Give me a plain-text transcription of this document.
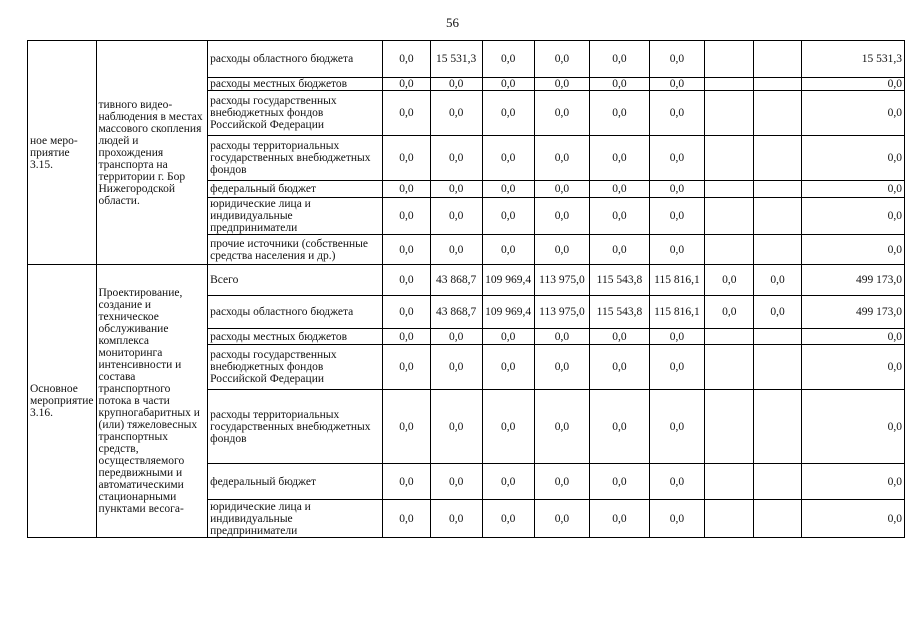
56
ное меро-приятие 3.15.	тивного видео-наблюдения в местах массового скопления людей и прохождения транспорта на территории г. Бор Нижегородской области.	расходы областного бюджета	0,0	15 531,3	0,0	0,0	0,0	0,0			15 531,3
		расходы местных бюджетов	0,0	0,0	0,0	0,0	0,0	0,0			0,0
		расходы государственных внебюджетных фондов Российской Федерации	0,0	0,0	0,0	0,0	0,0	0,0			0,0
		расходы территориальных государственных внебюджетных фондов	0,0	0,0	0,0	0,0	0,0	0,0			0,0
		федеральный бюджет	0,0	0,0	0,0	0,0	0,0	0,0			0,0
		юридические лица и индивидуальные предприниматели	0,0	0,0	0,0	0,0	0,0	0,0			0,0
		прочие источники (собственные средства населения и др.)	0,0	0,0	0,0	0,0	0,0	0,0			0,0
Основное мероприятие 3.16.	Проектирование, создание и техническое обслуживание комплекса мониторинга интенсивности и состава транспортного потока в части крупногабаритных и (или) тяжеловесных транспортных средств, осуществляемого передвижными и автоматическими стационарными пунктами весога-	Всего	0,0	43 868,7	109 969,4	113 975,0	115 543,8	115 816,1	0,0	0,0	499 173,0
		расходы областного бюджета	0,0	43 868,7	109 969,4	113 975,0	115 543,8	115 816,1	0,0	0,0	499 173,0
		расходы местных бюджетов	0,0	0,0	0,0	0,0	0,0	0,0			0,0
		расходы государственных внебюджетных фондов Российской Федерации	0,0	0,0	0,0	0,0	0,0	0,0			0,0
		расходы территориальных государственных внебюджетных фондов	0,0	0,0	0,0	0,0	0,0	0,0			0,0
		федеральный бюджет	0,0	0,0	0,0	0,0	0,0	0,0			0,0
		юридические лица и индивидуальные предприниматели	0,0	0,0	0,0	0,0	0,0	0,0			0,0
